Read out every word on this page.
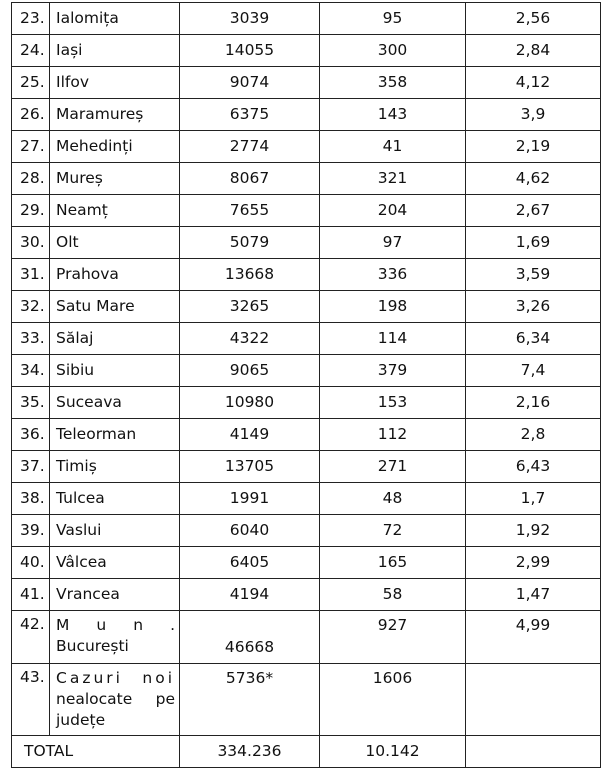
23.	Ialomița	3039	95	2,56
24.	Iași	14055	300	2,84
25.	Ilfov	9074	358	4,12
26.	Maramureș	6375	143	3,9
27.	Mehedinți	2774	41	2,19
28.	Mureș	8067	321	4,62
29.	Neamț	7655	204	2,67
30.	Olt	5079	97	1,69
31.	Prahova	13668	336	3,59
32.	Satu Mare	3265	198	3,26
33.	Sălaj	4322	114	6,34
34.	Sibiu	9065	379	7,4
35.	Suceava	10980	153	2,16
36.	Teleorman	4149	112	2,8
37.	Timiș	13705	271	6,43
38.	Tulcea	1991	48	1,7
39.	Vaslui	6040	72	1,92
40.	Vâlcea	6405	165	2,99
41.	Vrancea	4194	58	1,47
42.	M u n .
București	46668	927	4,99
43.	Cazuri noi
nealocate pe
județe	5736*	1606	
TOTAL		334.236	10.142	
